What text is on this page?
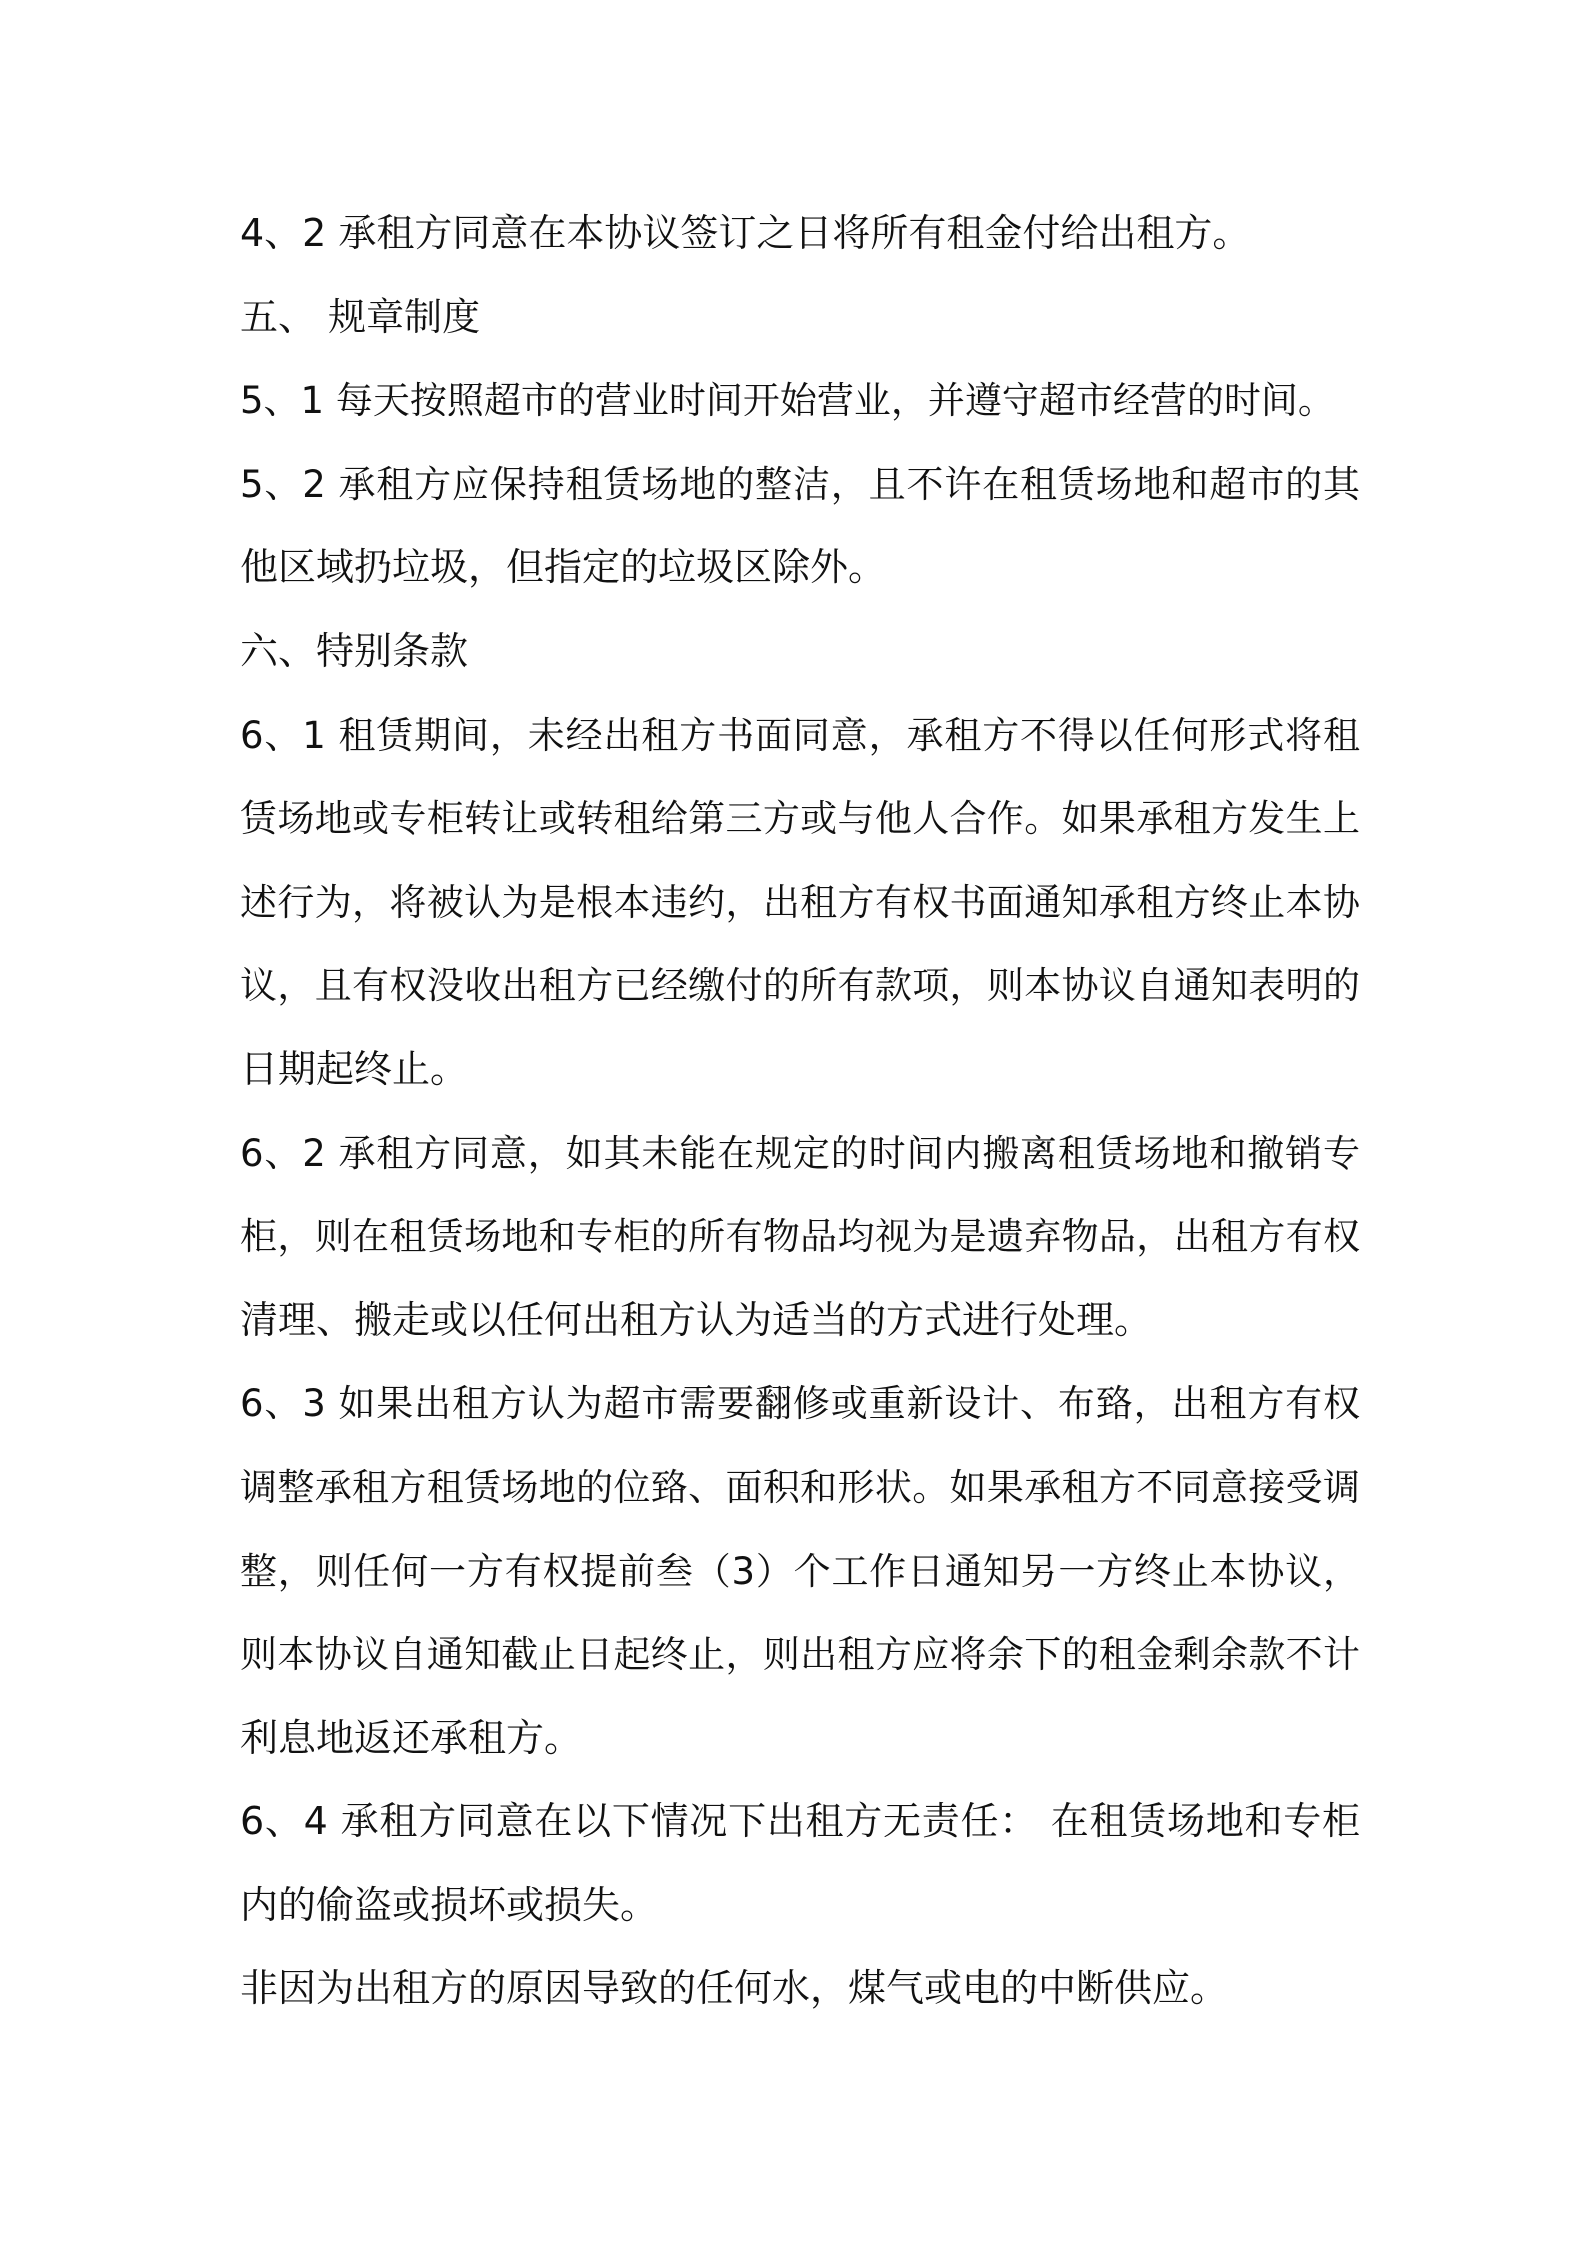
4、2 承租方同意在本协议签订之日将所有租金付给出租方。
五、 规章制度
5、1 每天按照超市的营业时间开始营业，并遵守超市经营的时间。
5、2 承租方应保持租赁场地的整洁，且不许在租赁场地和超市的其
他区域扔垃圾，但指定的垃圾区除外。
六、特别条款
6、1 租赁期间，未经出租方书面同意，承租方不得以任何形式将租
赁场地或专柜转让或转租给第三方或与他人合作。如果承租方发生上
述行为，将被认为是根本违约，出租方有权书面通知承租方终止本协
议，且有权没收出租方已经缴付的所有款项，则本协议自通知表明的
日期起终止。
6、2 承租方同意，如其未能在规定的时间内搬离租赁场地和撤销专
柜，则在租赁场地和专柜的所有物品均视为是遗弃物品，出租方有权
清理、搬走或以任何出租方认为适当的方式进行处理。
6、3 如果出租方认为超市需要翻修或重新设计、布臵，出租方有权
调整承租方租赁场地的位臵、面积和形状。如果承租方不同意接受调
整，则任何一方有权提前叁（3）个工作日通知另一方终止本协议，
则本协议自通知截止日起终止，则出租方应将余下的租金剩余款不计
利息地返还承租方。
6、4 承租方同意在以下情况下出租方无责任： 在租赁场地和专柜
内的偷盗或损坏或损失。
非因为出租方的原因导致的任何水，煤气或电的中断供应。
